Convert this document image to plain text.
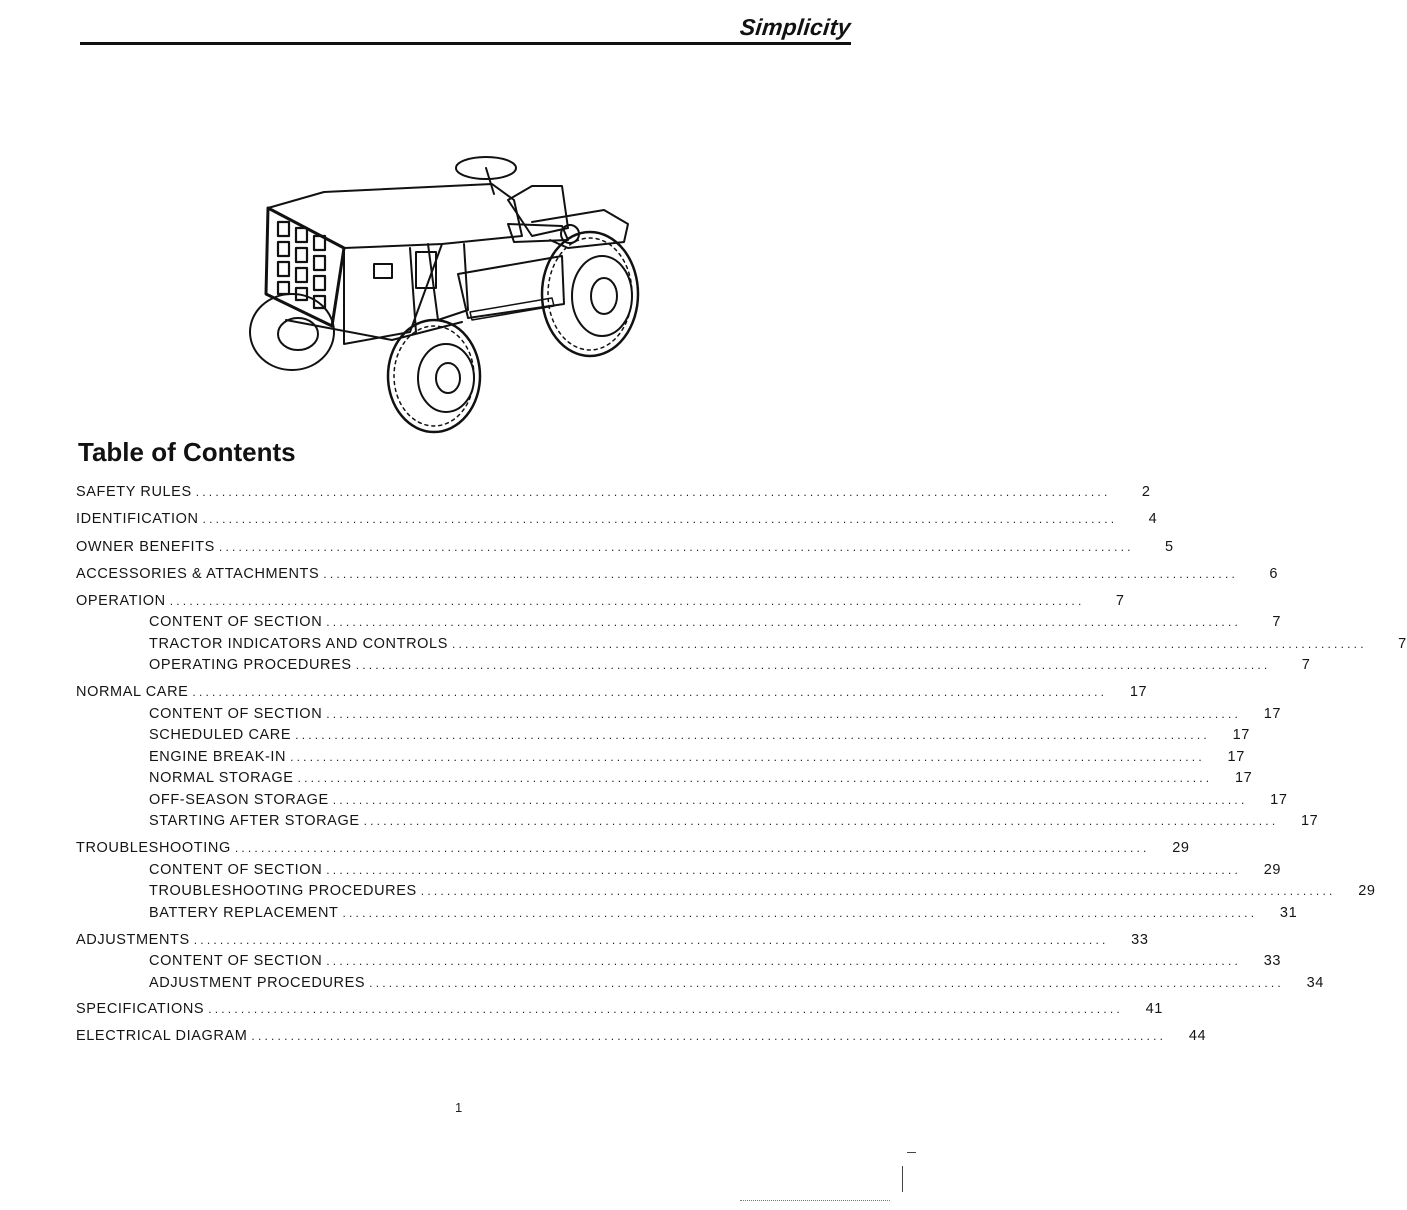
Simplicity
Table of Contents
SAFETY RULES ............................................................................................................................................	2
IDENTIFICATION ............................................................................................................................................	4
OWNER BENEFITS ............................................................................................................................................	5
ACCESSORIES & ATTACHMENTS ............................................................................................................................................	6
OPERATION ............................................................................................................................................	7
CONTENT OF SECTION ............................................................................................................................................	7
TRACTOR INDICATORS AND CONTROLS ............................................................................................................................................	7
OPERATING PROCEDURES ............................................................................................................................................	7
NORMAL CARE ............................................................................................................................................	17
CONTENT OF SECTION ............................................................................................................................................	17
SCHEDULED CARE ............................................................................................................................................	17
ENGINE BREAK-IN ............................................................................................................................................	17
NORMAL STORAGE ............................................................................................................................................	17
OFF-SEASON STORAGE ............................................................................................................................................	17
STARTING AFTER STORAGE ............................................................................................................................................	17
TROUBLESHOOTING ............................................................................................................................................	29
CONTENT OF SECTION ............................................................................................................................................	29
TROUBLESHOOTING PROCEDURES ............................................................................................................................................	29
BATTERY REPLACEMENT ............................................................................................................................................	31
ADJUSTMENTS ............................................................................................................................................	33
CONTENT OF SECTION ............................................................................................................................................	33
ADJUSTMENT PROCEDURES ............................................................................................................................................	34
SPECIFICATIONS ............................................................................................................................................	41
ELECTRICAL DIAGRAM ............................................................................................................................................	44
1
